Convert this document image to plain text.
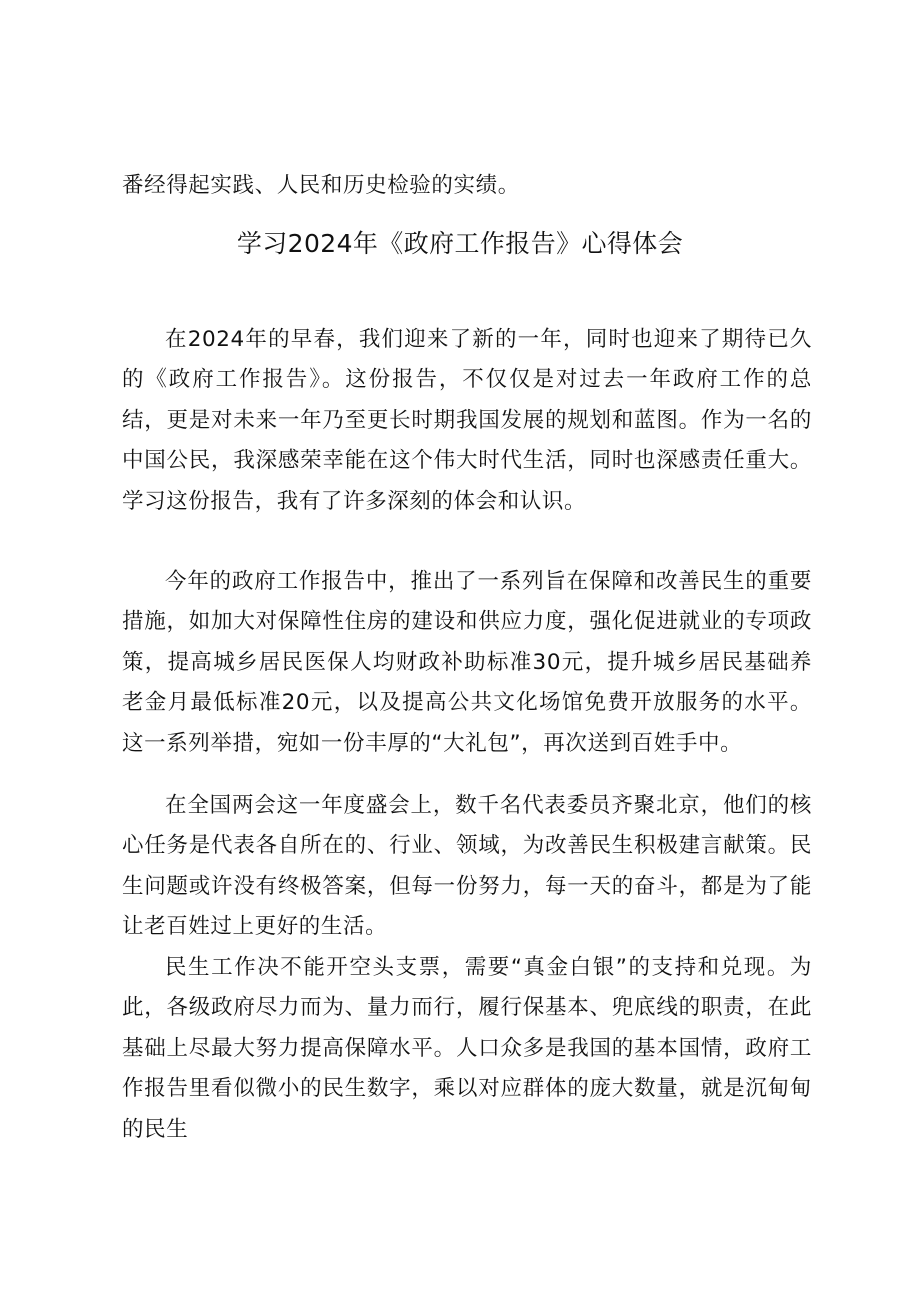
番经得起实践、人民和历史检验的实绩。
学习2024年《政府工作报告》心得体会

在2024年的早春，我们迎来了新的一年，同时也迎来了期待已久的《政府工作报告》。这份报告，不仅仅是对过去一年政府工作的总结，更是对未来一年乃至更长时期我国发展的规划和蓝图。作为一名的中国公民，我深感荣幸能在这个伟大时代生活，同时也深感责任重大。学习这份报告，我有了许多深刻的体会和认识。

今年的政府工作报告中，推出了一系列旨在保障和改善民生的重要措施，如加大对保障性住房的建设和供应力度，强化促进就业的专项政策，提高城乡居民医保人均财政补助标准30元，提升城乡居民基础养老金月最低标准20元，以及提高公共文化场馆免费开放服务的水平。这一系列举措，宛如一份丰厚的“大礼包”，再次送到百姓手中。

在全国两会这一年度盛会上，数千名代表委员齐聚北京，他们的核心任务是代表各自所在的、行业、领域，为改善民生积极建言献策。民生问题或许没有终极答案，但每一份努力，每一天的奋斗，都是为了能让老百姓过上更好的生活。

民生工作决不能开空头支票，需要“真金白银”的支持和兑现。为此，各级政府尽力而为、量力而行，履行保基本、兜底线的职责，在此基础上尽最大努力提高保障水平。人口众多是我国的基本国情，政府工作报告里看似微小的民生数字，乘以对应群体的庞大数量，就是沉甸甸的民生
